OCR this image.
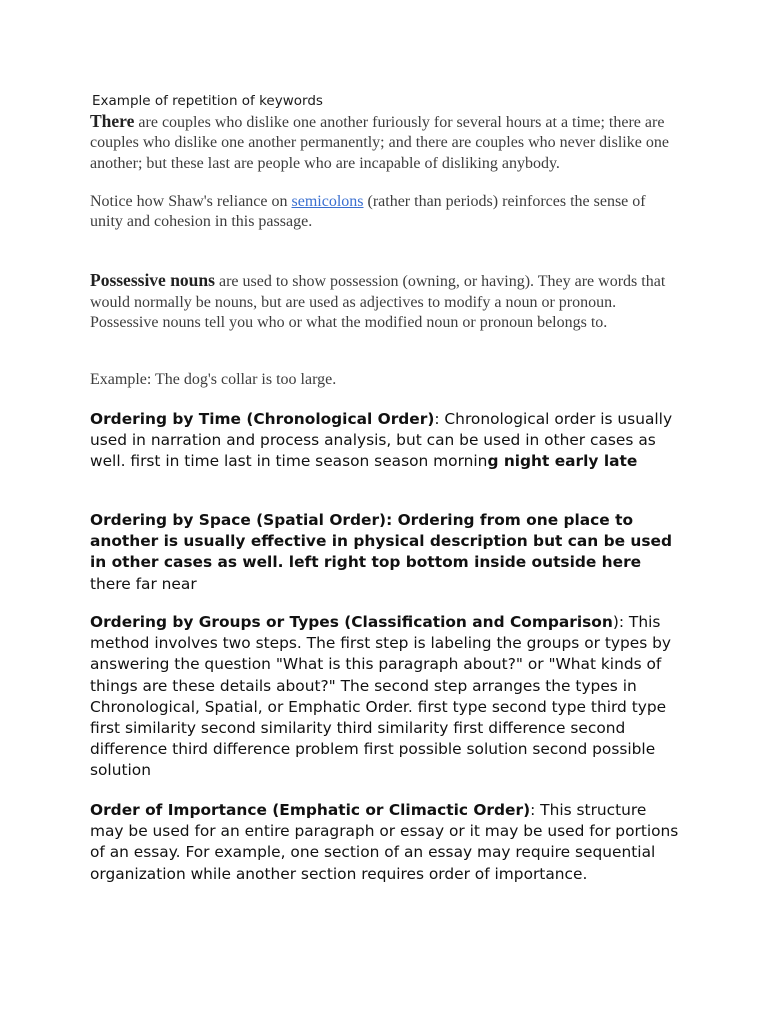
Example of repetition of keywords

There are couples who dislike one another furiously for several hours at a time; there are couples who dislike one another permanently; and there are couples who never dislike one another; but these last are people who are incapable of disliking anybody.

Notice how Shaw's reliance on semicolons (rather than periods) reinforces the sense of unity and cohesion in this passage.

Possessive nouns are used to show possession (owning, or having). They are words that would normally be nouns, but are used as adjectives to modify a noun or pronoun. Possessive nouns tell you who or what the modified noun or pronoun belongs to.

Example: The dog's collar is too large.

Ordering by Time (Chronological Order): Chronological order is usually used in narration and process analysis, but can be used in other cases as well. first in time last in time season season morning night early late

Ordering by Space (Spatial Order): Ordering from one place to another is usually effective in physical description but can be used in other cases as well. left right top bottom inside outside here there far near

Ordering by Groups or Types (Classification and Comparison): This method involves two steps. The first step is labeling the groups or types by answering the question "What is this paragraph about?" or "What kinds of things are these details about?" The second step arranges the types in Chronological, Spatial, or Emphatic Order. first type second type third type first similarity second similarity third similarity first difference second difference third difference problem first possible solution second possible solution

Order of Importance (Emphatic or Climactic Order): This structure may be used for an entire paragraph or essay or it may be used for portions of an essay. For example, one section of an essay may require sequential organization while another section requires order of importance.
